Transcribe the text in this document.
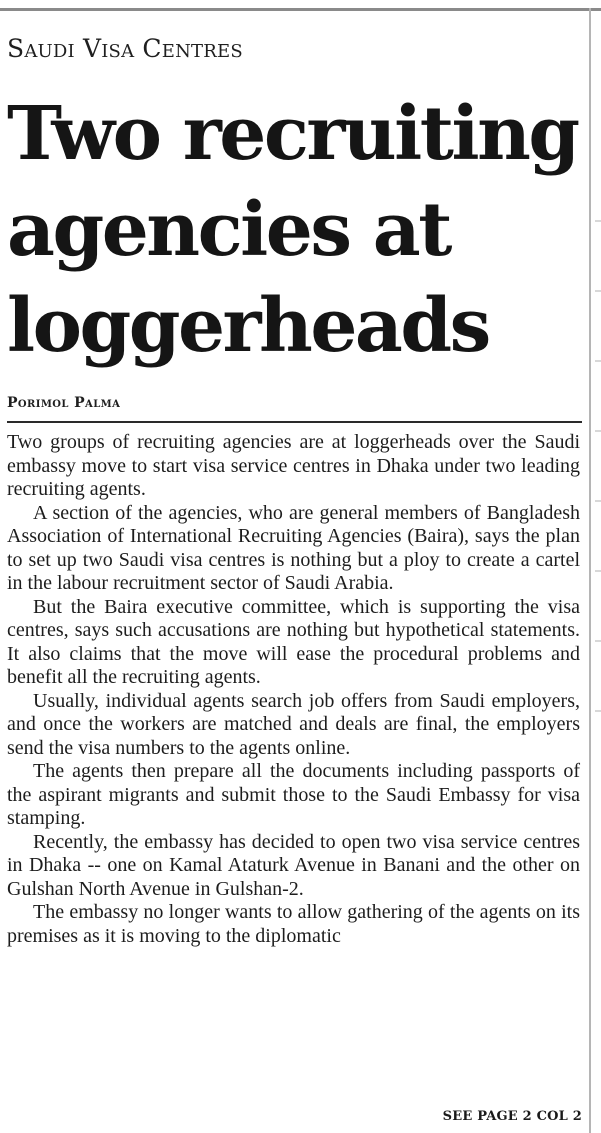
Saudi Visa Centres
Two recruiting
agencies at
loggerheads
Porimol Palma

Two groups of recruiting agencies are at loggerheads over the Saudi embassy move to start visa service centres in Dhaka under two leading recruiting agents.

A section of the agencies, who are general members of Bangladesh Association of International Recruiting Agencies (Baira), says the plan to set up two Saudi visa centres is nothing but a ploy to create a cartel in the labour recruitment sector of Saudi Arabia.

But the Baira executive committee, which is supporting the visa centres, says such accusations are nothing but hypothetical statements. It also claims that the move will ease the procedural problems and benefit all the recruiting agents.

Usually, individual agents search job offers from Saudi employers, and once the workers are matched and deals are final, the employers send the visa numbers to the agents online.

The agents then prepare all the documents including passports of the aspirant migrants and submit those to the Saudi Embassy for visa stamping.

Recently, the embassy has decided to open two visa service centres in Dhaka -- one on Kamal Ataturk Avenue in Banani and the other on Gulshan North Avenue in Gulshan-2.

The embassy no longer wants to allow gathering of the agents on its premises as it is moving to the diplomatic

SEE PAGE 2 COL 2
